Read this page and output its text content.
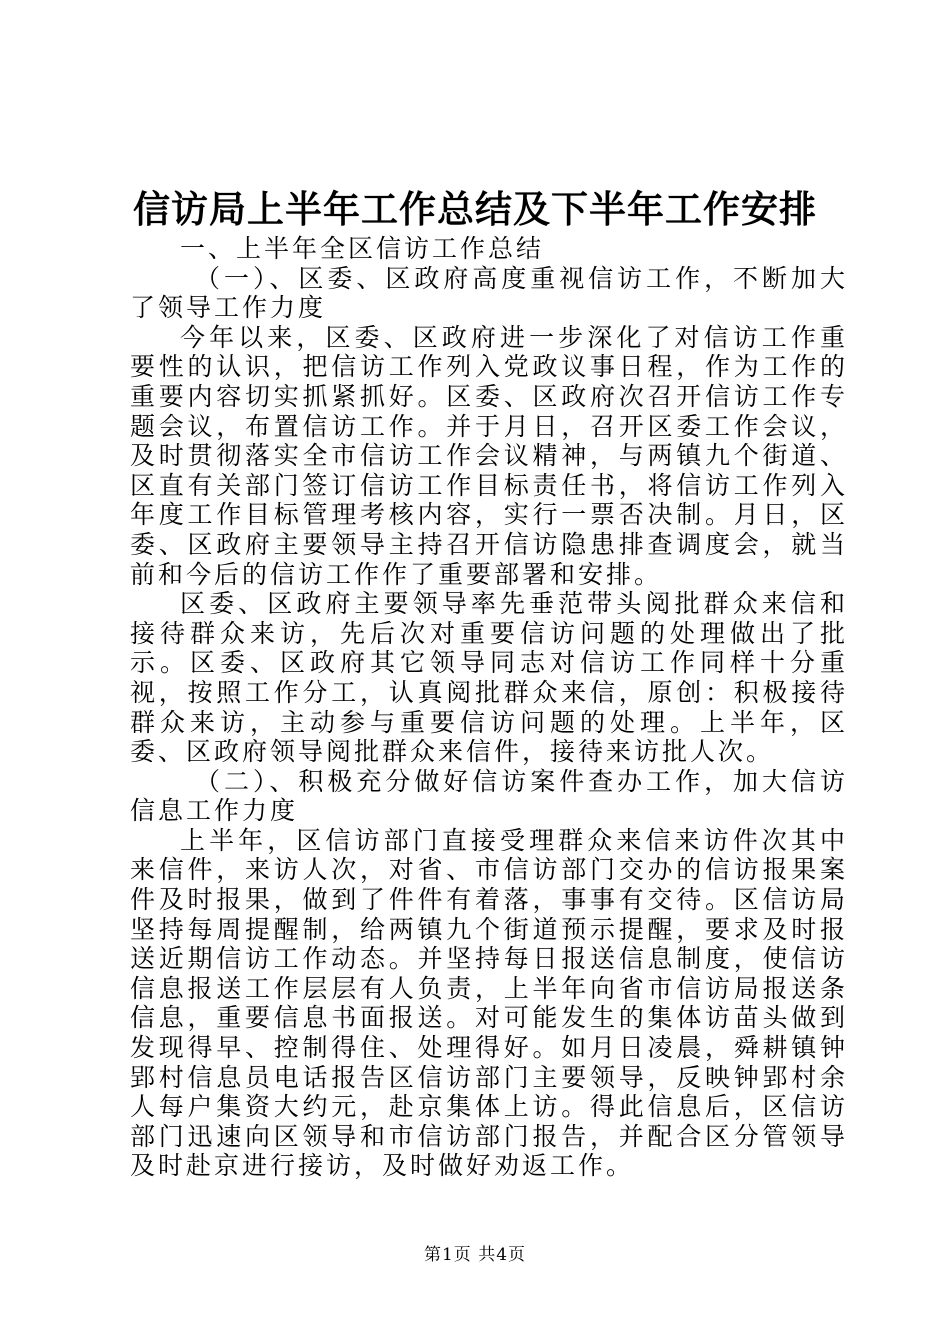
信访局上半年工作总结及下半年工作安排

一、上半年全区信访工作总结

（一）、区委、区政府高度重视信访工作，不断加大了领导工作力度

今年以来，区委、区政府进一步深化了对信访工作重要性的认识，把信访工作列入党政议事日程，作为工作的重要内容切实抓紧抓好。区委、区政府次召开信访工作专题会议，布置信访工作。并于月日，召开区委工作会议，及时贯彻落实全市信访工作会议精神，与两镇九个街道、区直有关部门签订信访工作目标责任书，将信访工作列入年度工作目标管理考核内容，实行一票否决制。月日，区委、区政府主要领导主持召开信访隐患排查调度会，就当前和今后的信访工作作了重要部署和安排。

区委、区政府主要领导率先垂范带头阅批群众来信和接待群众来访，先后次对重要信访问题的处理做出了批示。区委、区政府其它领导同志对信访工作同样十分重视，按照工作分工，认真阅批群众来信，原创：积极接待群众来访，主动参与重要信访问题的处理。上半年，区委、区政府领导阅批群众来信件，接待来访批人次。

（二）、积极充分做好信访案件查办工作，加大信访信息工作力度

上半年，区信访部门直接受理群众来信来访件次其中来信件，来访人次，对省、市信访部门交办的信访报果案件及时报果，做到了件件有着落，事事有交待。区信访局坚持每周提醒制，给两镇九个街道预示提醒，要求及时报送近期信访工作动态。并坚持每日报送信息制度，使信访信息报送工作层层有人负责，上半年向省市信访局报送条信息，重要信息书面报送。对可能发生的集体访苗头做到发现得早、控制得住、处理得好。如月日凌晨，舜耕镇钟郢村信息员电话报告区信访部门主要领导，反映钟郢村余人每户集资大约元，赴京集体上访。得此信息后，区信访部门迅速向区领导和市信访部门报告，并配合区分管领导及时赴京进行接访，及时做好劝返工作。

第1页 共4页
